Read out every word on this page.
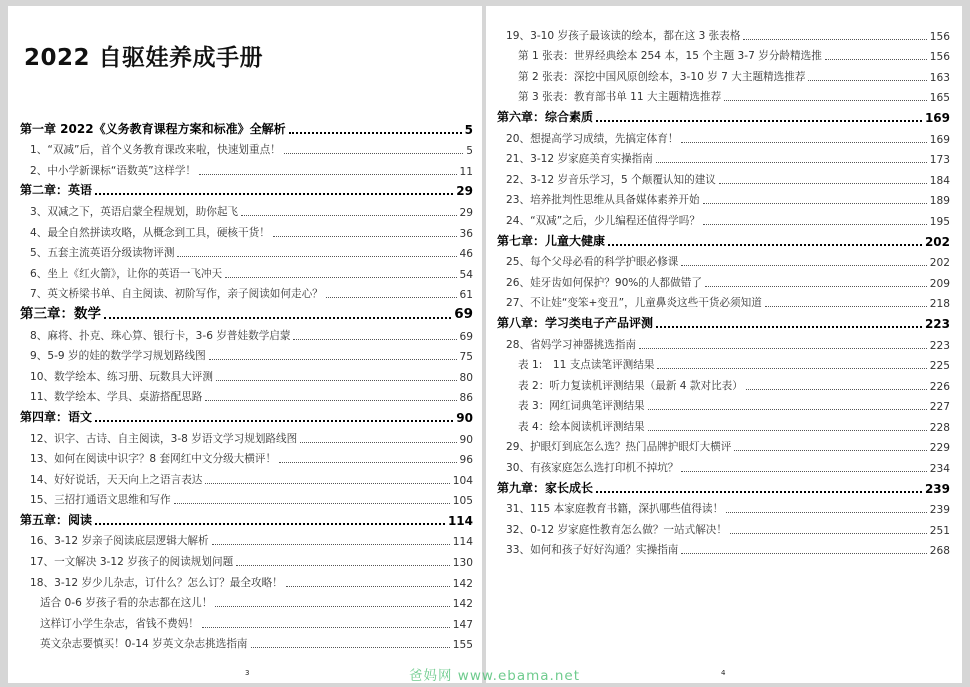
2022 自驱娃养成手册
第一章 2022《义务教育课程方案和标准》全解析	5
1、“双减”后，首个义务教育课改来啦，快速划重点！	5
2、中小学新课标“语数英”这样学！	11
第二章：英语	29
3、双减之下，英语启蒙全程规划，助你起飞	29
4、最全自然拼读攻略，从概念到工具，硬核干货！	36
5、五套主流英语分级读物评测	46
6、坐上《红火箭》，让你的英语一飞冲天	54
7、英文桥梁书单、自主阅读、初阶写作，亲子阅读如何走心？	61
第三章：数学	69
8、麻将、扑克、珠心算、银行卡，3-6 岁普娃数学启蒙	69
9、5-9 岁的娃的数学学习规划路线图	75
10、数学绘本、练习册、玩数具大评测	80
11、数学绘本、学具、桌游搭配思路	86
第四章：语文	90
12、识字、古诗、自主阅读，3-8 岁语文学习规划路线图	90
13、如何在阅读中识字？8 套网红中文分级大横评！	96
14、好好说话，天天向上之语言表达	104
15、三招打通语文思维和写作	105
第五章：阅读	114
16、3-12 岁亲子阅读底层逻辑大解析	114
17、一文解决 3-12 岁孩子的阅读规划问题	130
18、3-12 岁少儿杂志，订什么？怎么订？最全攻略！	142
适合 0-6 岁孩子看的杂志都在这儿！	142
这样订小学生杂志，省钱不费妈！	147
英文杂志要慎买！0-14 岁英文杂志挑选指南	155
3
19、3-10 岁孩子最该读的绘本，都在这 3 张表格	156
第 1 张表：世界经典绘本 254 本，15 个主题 3-7 岁分龄精选推	156
第 2 张表：深挖中国风原创绘本，3-10 岁 7 大主题精选推荐	163
第 3 张表：教育部书单 11 大主题精选推荐	165
第六章：综合素质	169
20、想提高学习成绩，先搞定体育！	169
21、3-12 岁家庭美育实操指南	173
22、3-12 岁音乐学习，5 个颠覆认知的建议	184
23、培养批判性思维从具备媒体素养开始	189
24、“双减”之后，少儿编程还值得学吗？	195
第七章：儿童大健康	202
25、每个父母必看的科学护眼必修课	202
26、娃牙齿如何保护？90%的人都做错了	209
27、不让娃“变笨+变丑”，儿童鼻炎这些干货必须知道	218
第八章：学习类电子产品评测	223
28、省妈学习神器挑选指南	223
表 1:　11 支点读笔评测结果	225
表 2：听力复读机评测结果（最新 4 款对比表）	226
表 3：网红词典笔评测结果	227
表 4：绘本阅读机评测结果	228
29、护眼灯到底怎么选？热门品牌护眼灯大横评	229
30、有孩家庭怎么选打印机不掉坑？	234
第九章：家长成长	239
31、115 本家庭教育书籍，深扒哪些值得读！	239
32、0-12 岁家庭性教育怎么做？一站式解决！	251
33、如何和孩子好好沟通？实操指南	268
4
爸妈网 www.ebama.net
